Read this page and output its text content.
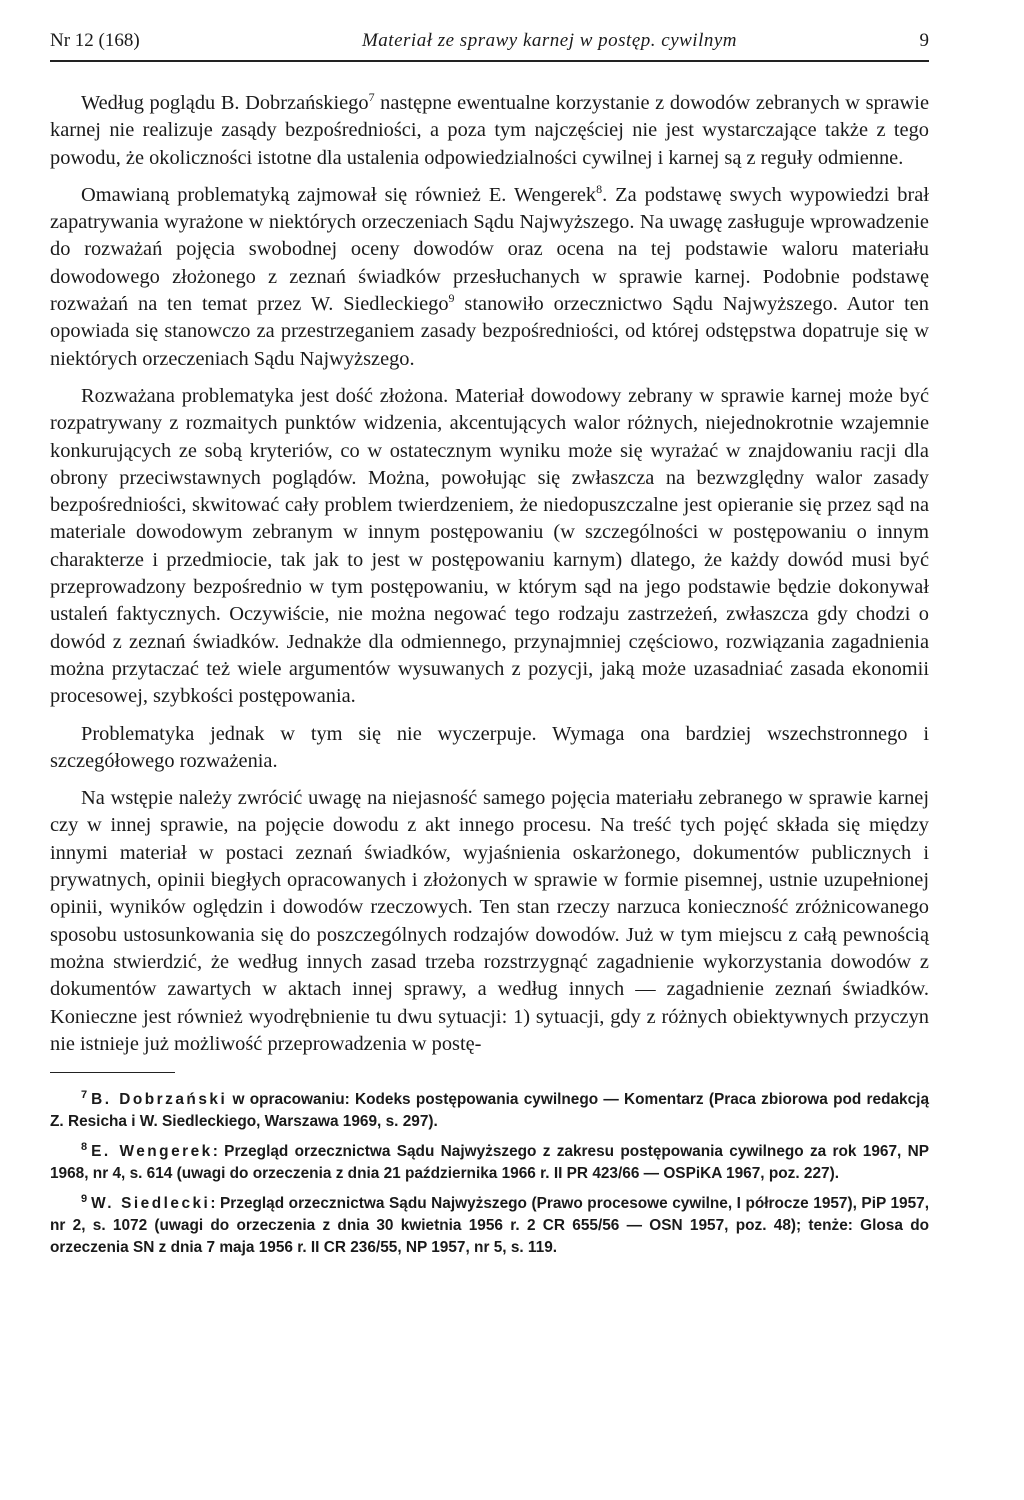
Nr 12 (168)	Materiał ze sprawy karnej w postęp. cywilnym	9

Według poglądu B. Dobrzańskiego$^7$ następne ewentualne korzystanie z dowodów zebranych w sprawie karnej nie realizuje zasądy bezpośredniości, a poza tym najczęściej nie jest wystarczające także z tego powodu, że okoliczności istotne dla ustalenia odpowiedzialności cywilnej i karnej są z reguły odmienne.

Omawianą problematyką zajmował się również E. Wengerek$^8$. Za podstawę swych wypowiedzi brał zapatrywania wyrażone w niektórych orzeczeniach Sądu Najwyższego. Na uwagę zasługuje wprowadzenie do rozważań pojęcia swobodnej oceny dowodów oraz ocena na tej podstawie waloru materiału dowodowego złożonego z zeznań świadków przesłuchanych w sprawie karnej. Podobnie podstawę rozważań na ten temat przez W. Siedleckiego$^9$ stanowiło orzecznictwo Sądu Najwyższego. Autor ten opowiada się stanowczo za przestrzeganiem zasady bezpośredniości, od której odstępstwa dopatruje się w niektórych orzeczeniach Sądu Najwyższego.

Rozważana problematyka jest dość złożona. Materiał dowodowy zebrany w sprawie karnej może być rozpatrywany z rozmaitych punktów widzenia, akcentujących walor różnych, niejednokrotnie wzajemnie konkurujących ze sobą kryteriów, co w ostatecznym wyniku może się wyrażać w znajdowaniu racji dla obrony przeciwstawnych poglądów. Można, powołując się zwłaszcza na bezwzględny walor zasady bezpośredniości, skwitować cały problem twierdzeniem, że niedopuszczalne jest opieranie się przez sąd na materiale dowodowym zebranym w innym postępowaniu (w szczególności w postępowaniu o innym charakterze i przedmiocie, tak jak to jest w postępowaniu karnym) dlatego, że każdy dowód musi być przeprowadzony bezpośrednio w tym postępowaniu, w którym sąd na jego podstawie będzie dokonywał ustaleń faktycznych. Oczywiście, nie można negować tego rodzaju zastrzeżeń, zwłaszcza gdy chodzi o dowód z zeznań świadków. Jednakże dla odmiennego, przynajmniej częściowo, rozwiązania zagadnienia można przytaczać też wiele argumentów wysuwanych z pozycji, jaką może uzasadniać zasada ekonomii procesowej, szybkości postępowania.

Problematyka jednak w tym się nie wyczerpuje. Wymaga ona bardziej wszechstronnego i szczegółowego rozważenia.

Na wstępie należy zwrócić uwagę na niejasność samego pojęcia materiału zebranego w sprawie karnej czy w innej sprawie, na pojęcie dowodu z akt innego procesu. Na treść tych pojęć składa się między innymi materiał w postaci zeznań świadków, wyjaśnienia oskarżonego, dokumentów publicznych i prywatnych, opinii biegłych opracowanych i złożonych w sprawie w formie pisemnej, ustnie uzupełnionej opinii, wyników oględzin i dowodów rzeczowych. Ten stan rzeczy narzuca konieczność zróżnicowanego sposobu ustosunkowania się do poszczególnych rodzajów dowodów. Już w tym miejscu z całą pewnością można stwierdzić, że według innych zasad trzeba rozstrzygnąć zagadnienie wykorzystania dowodów z dokumentów zawartych w aktach innej sprawy, a według innych — zagadnienie zeznań świadków. Konieczne jest również wyodrębnienie tu dwu sytuacji: 1) sytuacji, gdy z różnych obiektywnych przyczyn nie istnieje już możliwość przeprowadzenia w postę-

$^7$ B. Dobrzański w opracowaniu: Kodeks postępowania cywilnego — Komentarz (Praca zbiorowa pod redakcją Z. Resicha i W. Siedleckiego, Warszawa 1969, s. 297).

$^8$ E. Wengerek: Przegląd orzecznictwa Sądu Najwyższego z zakresu postępowania cywilnego za rok 1967, NP 1968, nr 4, s. 614 (uwagi do orzeczenia z dnia 21 października 1966 r. II PR 423/66 — OSPiKA 1967, poz. 227).

$^9$ W. Siedlecki: Przegląd orzecznictwa Sądu Najwyższego (Prawo procesowe cywilne, I półrocze 1957), PiP 1957, nr 2, s. 1072 (uwagi do orzeczenia z dnia 30 kwietnia 1956 r. 2 CR 655/56 — OSN 1957, poz. 48); tenże: Glosa do orzeczenia SN z dnia 7 maja 1956 r. II CR 236/55, NP 1957, nr 5, s. 119.
